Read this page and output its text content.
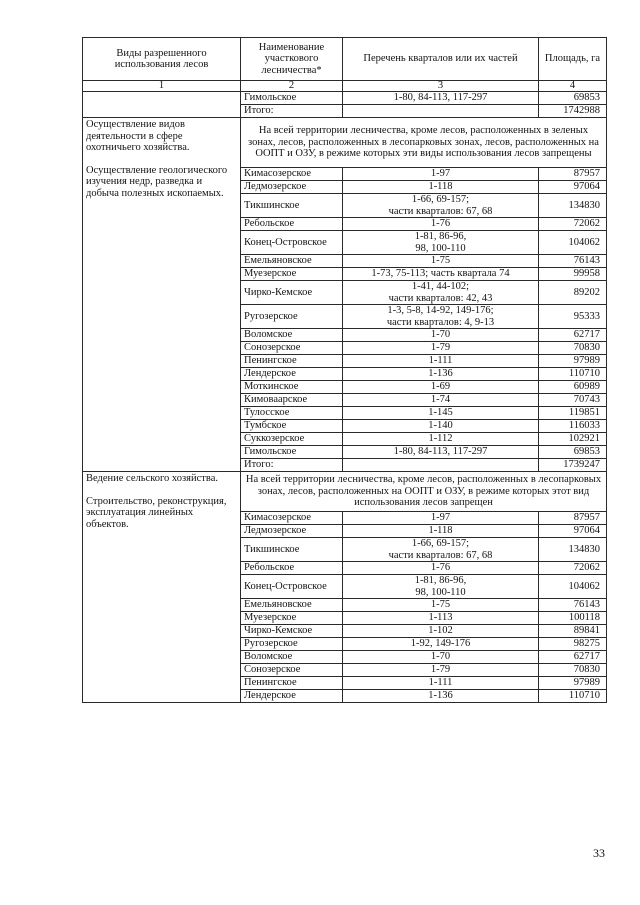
Виды разрешенного использования лесов	Наименование участкового лесничества*	Перечень кварталов или их частей	Площадь, га
1	2	3	4
	Гимольское	1-80, 84-113, 117-297	69853
	Итого:		1742988

Осуществление видов деятельности в сфере охотничьего хозяйства.
Осуществление геологического изучения недр, разведка и добыча полезных ископаемых.	На всей территории лесничества, кроме лесов, расположенных в зеленых зонах, лесов, расположенных в лесопарковых зонах, лесов, расположенных на ООПТ и ОЗУ, в режиме которых эти виды использования лесов запрещены		
	Кимасозерское	1-97	87957
	Ледмозерское	1-118	97064
	Тикшинское	1-66, 69-157;
части кварталов: 67, 68	134830
	Ребольское	1-76	72062
	Конец-Островское	1-81, 86-96,
98, 100-110	104062
	Емельяновское	1-75	76143
	Муезерское	1-73, 75-113; часть квартала 74	99958
	Чирко-Кемское	1-41, 44-102;
части кварталов: 42, 43	89202
	Ругозерское	1-3, 5-8, 14-92, 149-176;
части кварталов: 4, 9-13	95333
	Воломское	1-70	62717
	Сонозерское	1-79	70830
	Пенингское	1-111	97989
	Лендерское	1-136	110710
	Моткинское	1-69	60989
	Кимоваарское	1-74	70743
	Тулосское	1-145	119851
	Тумбское	1-140	116033
	Суккозерское	1-112	102921
	Гимольское	1-80, 84-113, 117-297	69853
	Итого:		1739247

Ведение сельского хозяйства.
Строительство, реконструкция, эксплуатация линейных объектов.	На всей территории лесничества, кроме лесов, расположенных в лесопарковых зонах, лесов, расположенных на ООПТ и ОЗУ, в режиме которых этот вид использования лесов запрещен		
	Кимасозерское	1-97	87957
	Ледмозерское	1-118	97064
	Тикшинское	1-66, 69-157;
части кварталов: 67, 68	134830
	Ребольское	1-76	72062
	Конец-Островское	1-81, 86-96,
98, 100-110	104062
	Емельяновское	1-75	76143
	Муезерское	1-113	100118
	Чирко-Кемское	1-102	89841
	Ругозерское	1-92, 149-176	98275
	Воломское	1-70	62717
	Сонозерское	1-79	70830
	Пенингское	1-111	97989
	Лендерское	1-136	110710
33
